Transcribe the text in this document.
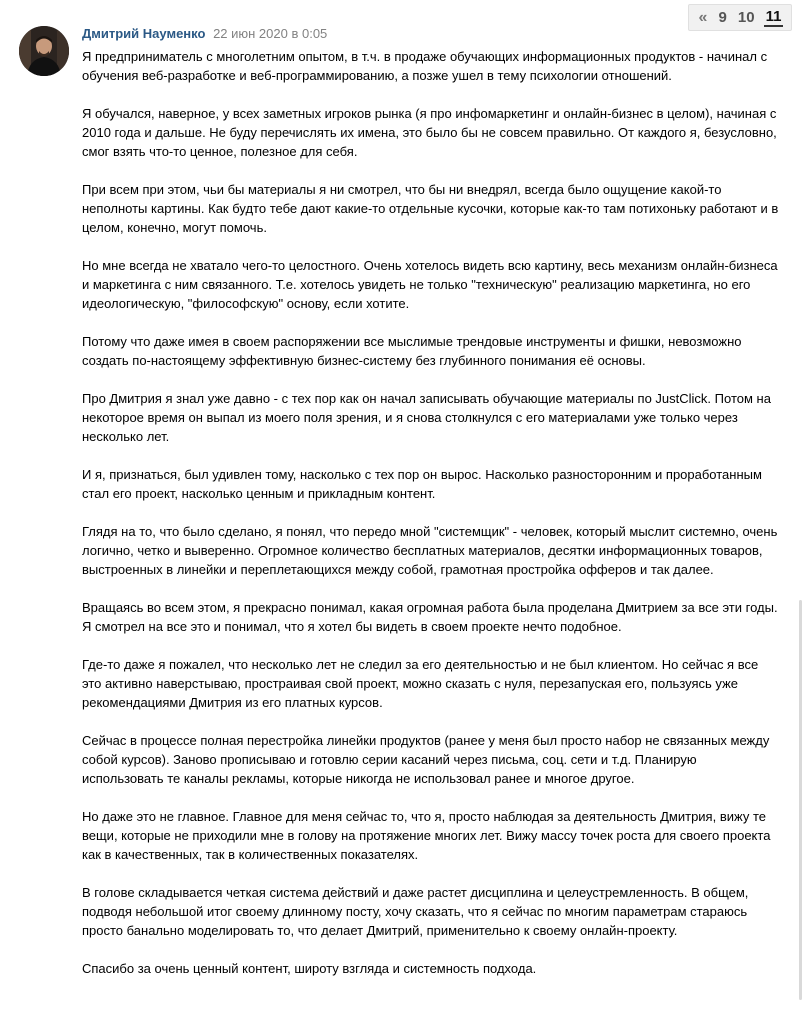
Дмитрий Науменко 22 июн 2020 в 0:05
« 9 10 11

Я предприниматель с многолетним опытом, в т.ч. в продаже обучающих информационных продуктов - начинал с обучения веб-разработке и веб-программированию, а позже ушел в тему психологии отношений.

Я обучался, наверное, у всех заметных игроков рынка (я про инфомаркетинг и онлайн-бизнес в целом), начиная с 2010 года и дальше. Не буду перечислять их имена, это было бы не совсем правильно. От каждого я, безусловно, смог взять что-то ценное, полезное для себя.

При всем при этом, чьи бы материалы я ни смотрел, что бы ни внедрял, всегда было ощущение какой-то неполноты картины. Как будто тебе дают какие-то отдельные кусочки, которые как-то там потихоньку работают и в целом, конечно, могут помочь.

Но мне всегда не хватало чего-то целостного. Очень хотелось видеть всю картину, весь механизм онлайн-бизнеса и маркетинга с ним связанного. Т.е. хотелось увидеть не только "техническую" реализацию маркетинга, но его идеологическую, "философскую" основу, если хотите.

Потому что даже имея в своем распоряжении все мыслимые трендовые инструменты и фишки, невозможно создать по-настоящему эффективную бизнес-систему без глубинного понимания её основы.

Про Дмитрия я знал уже давно - с тех пор как он начал записывать обучающие материалы по JustClick. Потом на некоторое время он выпал из моего поля зрения, и я снова столкнулся с его материалами уже только через несколько лет.

И я, признаться, был удивлен тому, насколько с тех пор он вырос. Насколько разносторонним и проработанным стал его проект, насколько ценным и прикладным контент.

Глядя на то, что было сделано, я понял, что передо мной "системщик" - человек, который мыслит системно, очень логично, четко и выверенно. Огромное количество бесплатных материалов, десятки информационных товаров, выстроенных в линейки и переплетающихся между собой, грамотная простройка офферов и так далее.

Вращаясь во всем этом, я прекрасно понимал, какая огромная работа была проделана Дмитрием за все эти годы. Я смотрел на все это и понимал, что я хотел бы видеть в своем проекте нечто подобное.

Где-то даже я пожалел, что несколько лет не следил за его деятельностью и не был клиентом. Но сейчас я все это активно наверстываю, простраивая свой проект, можно сказать с нуля, перезапуская его, пользуясь уже рекомендациями Дмитрия из его платных курсов.

Сейчас в процессе полная перестройка линейки продуктов (ранее у меня был просто набор не связанных между собой курсов). Заново прописываю и готовлю серии касаний через письма, соц. сети и т.д. Планирую использовать те каналы рекламы, которые никогда не использовал ранее и многое другое.

Но даже это не главное. Главное для меня сейчас то, что я, просто наблюдая за деятельность Дмитрия, вижу те вещи, которые не приходили мне в голову на протяжение многих лет. Вижу массу точек роста для своего проекта как в качественных, так в количественных показателях.

В голове складывается четкая система действий и даже растет дисциплина и целеустремленность. В общем, подводя небольшой итог своему длинному посту, хочу сказать, что я сейчас по многим параметрам стараюсь просто банально моделировать то, что делает Дмитрий, применительно к своему онлайн-проекту.

Спасибо за очень ценный контент, широту взгляда и системность подхода.
